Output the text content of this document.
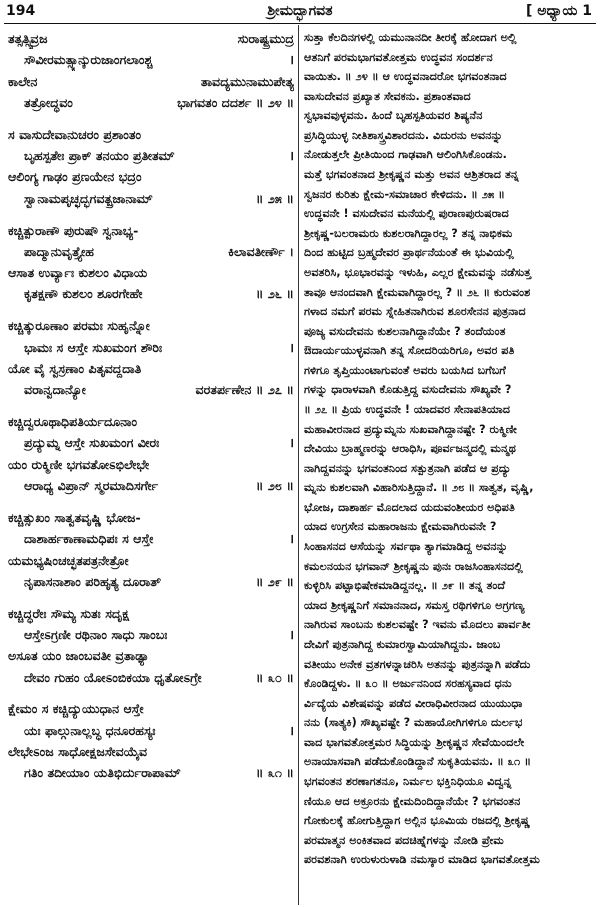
194	ಶ್ರೀಮದ್ಭಾಗವತ	[ ಅಧ್ಯಾಯ 1
ತತ್ಸತ್ಸ್ವಿವ್ರಜ	ಸುರಾಷ್ಟ್ರಮುದ್ರ
ಸೌವೀರಮತ್ಸ್ಯಾನ್ಕುರುಜಾಂಗಲಾಂಶ್ಚ	।
ಕಾಲೇನ	ತಾವದ್ಯಮುನಾಮುಪೇತ್ಯ
ತತ್ರೋದ್ಧವಂ	ಭಾಗವತಂ ದದರ್ಶ ॥ ೨೪ ॥
ಸ ವಾಸುದೇವಾನುಚರಂ ಪ್ರಶಾಂತಂ
ಬೃಹಸ್ಪತೇಃ ಪ್ರಾಕ್ ತನಯಂ ಪ್ರತೀತಮ್	।
ಆಲಿಂಗ್ಯ ಗಾಢಂ ಪ್ರಣಯೇನ ಭದ್ರಂ
ಸ್ವಾನಾಮಪೃಚ್ಛದ್ಭಗವತ್ಪ್ರಜಾನಾಮ್	॥ ೨೫ ॥
ಕಚ್ಚಿತ್ಪುರಾಣೌ ಪುರುಷೌ ಸ್ವನಾಭ್ಯ-
ಪಾದ್ಮಾನುವೃತ್ತ್ಯೇಹ	ಕಿಲಾವತೀರ್ಣೌ ।
ಆಸಾತ ಉರ್ವ್ಯಾಃ ಕುಶಲಂ ವಿಧಾಯ
ಕೃತಕ್ಷಣೌ ಕುಶಲಂ ಶೂರಗೇಹೇ	॥ ೨೬ ॥
ಕಚ್ಚಿತ್ಕುರೂಣಾಂ ಪರಮಃ ಸುಹೃನ್ನೋ
ಭಾಮಃ ಸ ಆಸ್ತೇ ಸುಖಮಂಗ ಶೌರಿಃ	।
ಯೋ ವೈ ಸ್ವಸ್ರಣಾಂ ಪಿತೃವದ್ದದಾತಿ
ವರಾನ್ವದಾನ್ಯೋ	ವರತರ್ಪಣೇನ ॥ ೨೭ ॥
ಕಚ್ಚಿದ್ವರೂಥಾಧಿಪತಿರ್ಯದೂನಾಂ
ಪ್ರದ್ಯುಮ್ನ ಆಸ್ತೇ ಸುಖಮಂಗ ವೀರಃ	।
ಯಂ ರುಕ್ಮಿಣೀ ಭಗವತೋಽಭಿಲೇಭೇ
ಆರಾಧ್ಯ ವಿಪ್ರಾನ್ ಸ್ಮರಮಾದಿಸರ್ಗೇ	॥ ೨೮ ॥
ಕಚ್ಚಿತ್ಸುಖಂ ಸಾತ್ವತವೃಷ್ಣಿ ಭೋಜ-
ದಾಶಾರ್ಹಕಾಣಾಮಧಿಪಃ ಸ ಆಸ್ತೇ	।
ಯಮಭ್ಯಷಿಂಚಚ್ಛತಪತ್ರನೇತ್ರೋ
ನೃಪಾಸನಾಶಾಂ ಪರಿಹೃತ್ಯ ದೂರಾತ್	॥ ೨೯ ॥
ಕಚ್ಚಿದ್ಧರೇಃ ಸೌಮ್ಯ ಸುತಃ ಸದೃಕ್ಷ
ಆಸ್ತೇಽಗ್ರಣೀ ರಥಿನಾಂ ಸಾಧು ಸಾಂಬಃ	।
ಅಸೂತ ಯಂ ಜಾಂಬವತೀ ವ್ರತಾಢ್ಯಾ
ದೇವಂ ಗುಹಂ ಯೋಽಂಬಿಕಯಾ ಧೃತೋಽಗ್ರೇ	॥ ೩೦ ॥
ಕ್ಷೇಮಂ ಸ ಕಚ್ಚಿದ್ಯುಯುಧಾನ ಆಸ್ತೇ
ಯಃ ಫಾಲ್ಗುನಾಲ್ಲಬ್ಧ ಧನೂರಹಸ್ಯಃ	।
ಲೇಭೇಽಂಜ ಸಾಧೋಕ್ಷಜಸೇವಯೈವ
ಗತಿಂ ತದೀಯಾಂ ಯತಿಭಿರ್ದುರಾಪಾಮ್	॥ ೩೧ ॥
ಸುತ್ತಾ ಕೆಲದಿನಗಳಲ್ಲಿ ಯಮುನಾನದೀ ತೀರಕ್ಕೆ ಹೋದಾಗ ಅಲ್ಲಿ
ಆತನಿಗೆ ಪರಮಭಾಗವತೋತ್ತಮ ಉದ್ಧವನ ಸಂದರ್ಶನ
ವಾಯಿತು. ॥ ೨೪ ॥ ಆ ಉದ್ಧವನಾದರೋ ಭಗವಂತನಾದ
ವಾಸುದೇವನ ಪ್ರಖ್ಯಾತ ಸೇವಕನು. ಪ್ರಶಾಂತವಾದ
ಸ್ವಭಾವವುಳ್ಳವನು. ಹಿಂದೆ ಬೃಹಸ್ಪತಿಯವರ ಶಿಷ್ಯನೆನ
ಪ್ರಸಿದ್ಧಿಯುಳ್ಳ ನೀತಿಶಾಸ್ತ್ರವಿಶಾರದನು. ವಿದುರನು ಅವನನ್ನು
ನೋಡುತ್ತಲೇ ಪ್ರೀತಿಯಿಂದ ಗಾಢವಾಗಿ ಆಲಿಂಗಿಸಿಕೊಂಡನು.
ಮತ್ತೆ ಭಗವಂತನಾದ ಶ್ರೀಕೃಷ್ಣನ ಮತ್ತು ಅವನ ಆಶ್ರಿತರಾದ ತನ್ನ
ಸ್ವಜನರ ಕುರಿತು ಕ್ಷೇಮ-ಸಮಾಚಾರ ಕೇಳಿದನು. ॥ ೨೫ ॥
ಉದ್ಧವನೇ ! ವಸುದೇವನ ಮನೆಯಲ್ಲಿ ಪುರಾಣಪುರುಷರಾದ
ಶ್ರೀಕೃಷ್ಣ-ಬಲರಾಮರು ಕುಶಲರಾಗಿದ್ದಾರಲ್ಲ ? ತನ್ನ ನಾಭಿಕಮ
ದಿಂದ ಹುಟ್ಟಿದ ಬ್ರಹ್ಮದೇವರ ಪ್ರಾರ್ಥನೆಯಂತೆ ಈ ಭುವಿಯಲ್ಲಿ
ಅವತರಿಸಿ, ಭೂಭಾರವನ್ನು ಇಳುಹಿ, ಎಲ್ಲರ ಕ್ಷೇಮವನ್ನು ನಡೆಸುತ್ತ
ತಾವೂ ಆನಂದವಾಗಿ ಕ್ಷೇಮವಾಗಿದ್ದಾರಲ್ಲ ? ॥ ೨೬ ॥ ಕುರುವಂಶ
ಗಳಾದ ನಮಗೆ ಪರಮ ಸ್ನೇಹಿತನಾಗಿರುವ ಶೂರಸೇನನ ಪುತ್ರನಾದ
ಪೂಜ್ಯ ವಸುದೇವನು ಕುಶಲನಾಗಿದ್ದಾನೆಯೇ ? ತಂದೆಯಂತ
ಔದಾರ್ಯಯುಳ್ಳವನಾಗಿ ತನ್ನ ಸೋದರಿಯರಿಗೂ, ಅವರ ಪತಿ
ಗಳಿಗೂ ತೃಪ್ತಿಯುಂಟಾಗುವಂತೆ ಅವರು ಬಯಸಿದ ಬಗೆಬಗೆ
ಗಳನ್ನು ಧಾರಾಳವಾಗಿ ಕೊಡುತ್ತಿದ್ದ ವಸುದೇವನು ಸೌಖ್ಯವೇ ?
॥ ೨೭ ॥ ಪ್ರಿಯ ಉದ್ಧವನೇ ! ಯಾದವರ ಸೇನಾಪತಿಯಾದ
ಮಹಾವೀರನಾದ ಪ್ರದ್ಯುಮ್ನನು ಸುಖವಾಗಿದ್ದಾನಷ್ಟೇ ? ರುಕ್ಮಿಣೀ
ದೇವಿಯು ಬ್ರಾಹ್ಮಣರನ್ನು ಆರಾಧಿಸಿ, ಪೂರ್ವಜನ್ಮದಲ್ಲಿ ಮನ್ಮಥ
ನಾಗಿದ್ದವನನ್ನು ಭಗವಂತನಿಂದ ಸತ್ಪುತ್ರನಾಗಿ ಪಡೆದ ಆ ಪ್ರದ್ಯು
ಮ್ನನು ಕುಶಲವಾಗಿ ವಿಹಾರಿಸುತ್ತಿದ್ದಾನೆ. ॥ ೨೮ ॥ ಸಾತ್ವತ, ವೃಷ್ಣಿ,
ಭೋಜ, ದಾಶಾರ್ಹ ಮೊದಲಾದ ಯದುವಂಶೀಯರ ಅಧಿಪತಿ
ಯಾದ ಉಗ್ರಸೇನ ಮಹಾರಾಜನು ಕ್ಷೇಮವಾಗಿರುವನೇ ?
ಸಿಂಹಾಸನದ ಆಸೆಯನ್ನು ಸರ್ವಥಾ ತ್ಯಾಗಮಾಡಿದ್ದ ಅವನನ್ನು
ಕಮಲನಯನ ಭಗವಾನ್ ಶ್ರೀಕೃಷ್ಣನು ಪುನಃ ರಾಜಸಿಂಹಾಸನದಲ್ಲಿ
ಕುಳ್ಳಿರಿಸಿ ಪಟ್ಟಾಭಿಷೇಕಮಾಡಿದ್ದನಲ್ಲ. ॥ ೨೯ ॥ ತನ್ನ ತಂದೆ
ಯಾದ ಶ್ರೀಕೃಷ್ಣನಿಗೆ ಸಮಾನನಾದ, ಸಮಸ್ತ ರಥಿಗಳಿಗೂ ಅಗ್ರಗಣ್ಯ
ನಾಗಿರುವ ಸಾಂಬನು ಕುಶಲವಷ್ಟೇ ? ಇವನು ಮೊದಲು ಪಾರ್ವತೀ
ದೇವಿಗೆ ಪುತ್ರನಾಗಿದ್ದ ಕುಮಾರಸ್ವಾಮಿಯಾಗಿದ್ದನು. ಜಾಂಬ
ವತೀಯು ಅನೇಕ ವ್ರತಗಳನ್ನಾಚರಿಸಿ ಅತನನ್ನು ಪುತ್ರನನ್ನಾಗಿ ಪಡೆದು
ಕೊಂಡಿದ್ದಳು. ॥ ೩೦ ॥ ಅರ್ಜುನನಿಂದ ಸರಹಸ್ಯವಾದ ಧನು
ರ್ವಿದ್ಯೆಯ ವಿಶೇಷವನ್ನು ಪಡೆದ ವೀರಾಧಿವೀರನಾದ ಯುಯುಧಾ
ನನು (ಸಾತ್ಯಕಿ) ಸೌಖ್ಯವಷ್ಟೇ ? ಮಹಾಯೋಗಿಗಳಿಗೂ ದುರ್ಲಭ
ವಾದ ಭಾಗವತೋತ್ತಮರ ಸಿದ್ಧಿಯನ್ನು ಶ್ರೀಕೃಷ್ಣನ ಸೇವೆಯಿಂದಲೇ
ಅನಾಯಾಸವಾಗಿ ಪಡೆದುಕೊಂಡಿದ್ದಾನೆ ಸುಕೃತಿಯವನು. ॥ ೩೧ ॥
ಭಗವಂತನ ಶರಣಾಗತನೂ, ನಿರ್ಮಲ ಭಕ್ತಿನಿಧಿಯೂ ವಿದ್ವನ್ನ
ಣಿಯೂ ಆದ ಅಕ್ರೂರನು ಕ್ಷೇಮದಿಂದಿದ್ದಾನೆಯೇ ? ಭಗವಂತನ
ಗೋಕುಲಕ್ಕೆ ಹೋಗುತ್ತಿದ್ದಾಗ ಅಲ್ಲಿನ ಭೂಮಿಯ ರಜದಲ್ಲಿ ಶ್ರೀಕೃಷ್ಣ
ಪರಮಾತ್ಮನ ಅಂಕಿತವಾದ ಪದಚಿಹ್ನೆಗಳನ್ನು ನೋಡಿ ಪ್ರೇಮ
ಪರವಶನಾಗಿ ಉರುಳುರುಳಾಡಿ ನಮಸ್ಕಾರ ಮಾಡಿದ ಭಾಗವತೋತ್ತಮ
